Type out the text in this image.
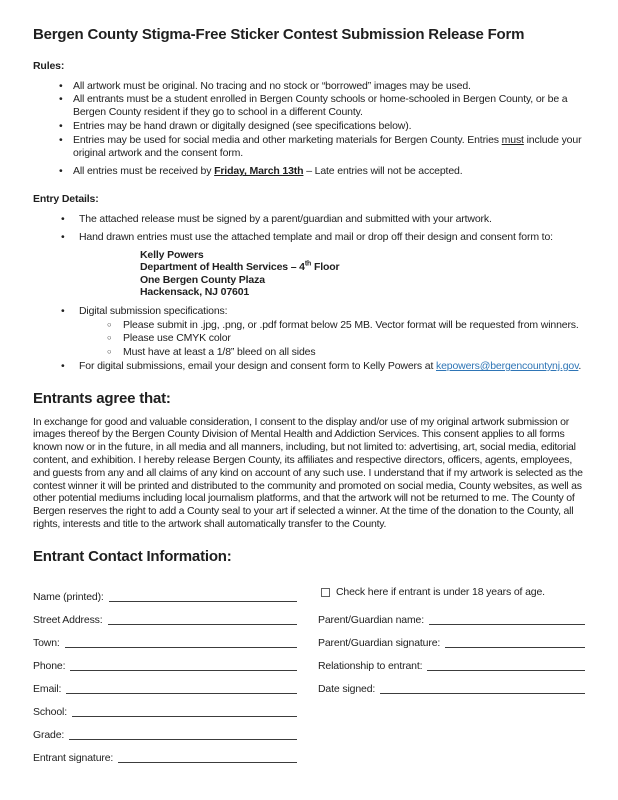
Bergen County Stigma-Free Sticker Contest Submission Release Form
Rules:
• All artwork must be original. No tracing and no stock or “borrowed” images may be used.
• All entrants must be a student enrolled in Bergen County schools or home-schooled in Bergen County, or be a Bergen County resident if they go to school in a different County.
• Entries may be hand drawn or digitally designed (see specifications below).
• Entries may be used for social media and other marketing materials for Bergen County. Entries must include your original artwork and the consent form.
• All entries must be received by Friday, March 13th – Late entries will not be accepted.
Entry Details:
•	The attached release must be signed by a parent/guardian and submitted with your artwork.
•	Hand drawn entries must use the attached template and mail or drop off their design and consent form to:
Kelly Powers
Department of Health Services – 4th Floor
One Bergen County Plaza
Hackensack, NJ 07601
•	Digital submission specifications:
○	Please submit in .jpg, .png, or .pdf format below 25 MB. Vector format will be requested from winners.
○	Please use CMYK color
○	Must have at least a 1/8” bleed on all sides
•	For digital submissions, email your design and consent form to Kelly Powers at kepowers@bergencountynj.gov.
Entrants agree that:
In exchange for good and valuable consideration, I consent to the display and/or use of my original artwork submission or images thereof by the Bergen County Division of Mental Health and Addiction Services. This consent applies to all forms known now or in the future, in all media and all manners, including, but not limited to: advertising, art, social media, editorial content, and exhibition. I hereby release Bergen County, its affiliates and respective directors, officers, agents, employees, and guests from any and all claims of any kind on account of any such use. I understand that if my artwork is selected as the contest winner it will be printed and distributed to the community and promoted on social media, County websites, as well as other potential mediums including local journalism platforms, and that the artwork will not be returned to me. The County of Bergen reserves the right to add a County seal to your art if selected a winner. At the time of the donation to the County, all rights, interests and title to the artwork shall automatically transfer to the County.
Entrant Contact Information:
Name (printed):
Street Address:
Town:
Phone:
Email:
School:
Grade:
Entrant signature:
Check here if entrant is under 18 years of age.
Parent/Guardian name:
Parent/Guardian signature:
Relationship to entrant:
Date signed:
